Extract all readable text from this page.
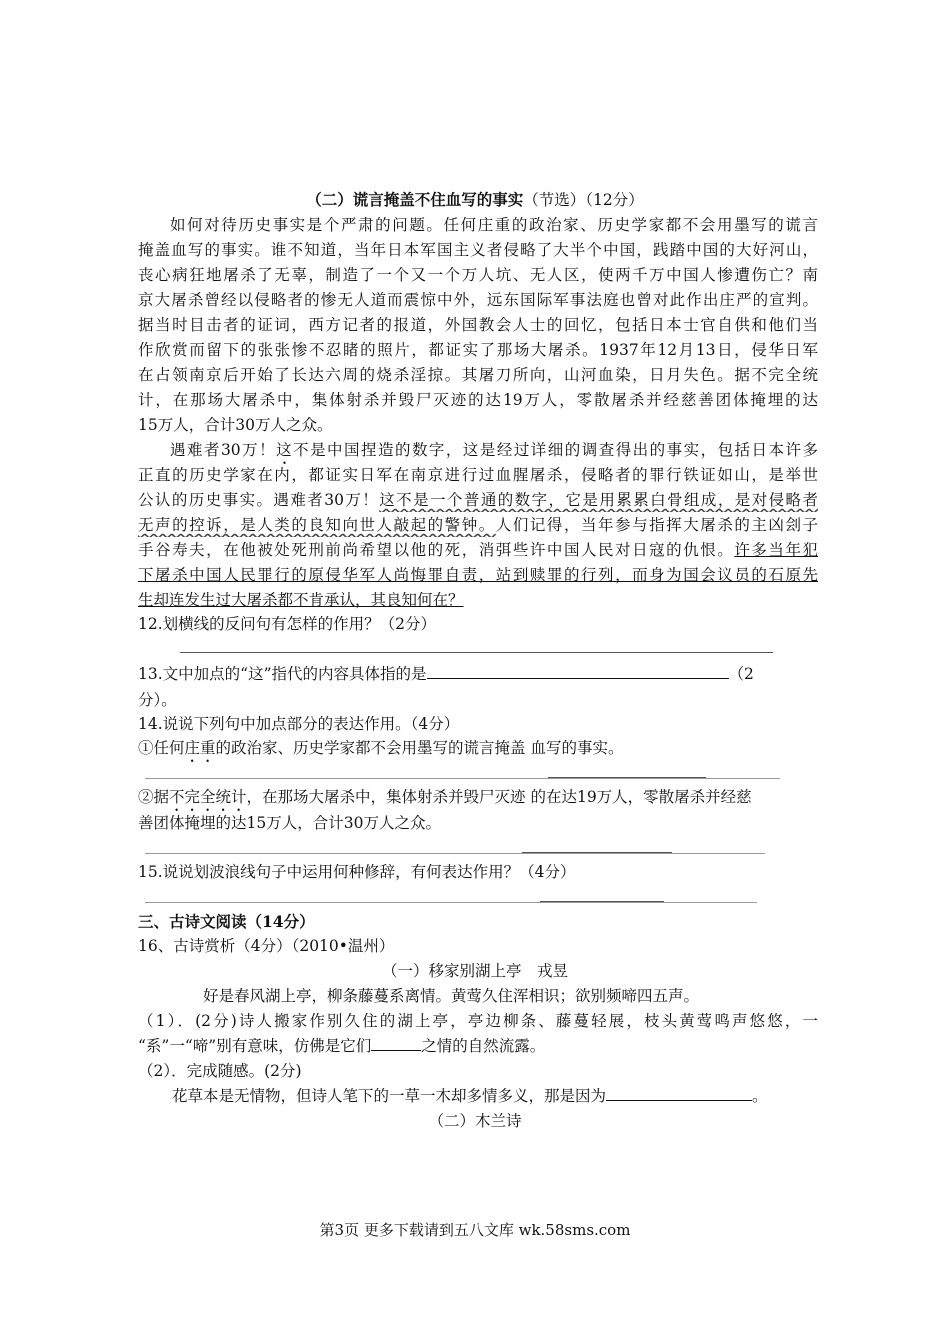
（二）谎言掩盖不住血写的事实（节选）（12分）
如何对待历史事实是个严肃的问题。任何庄重的政治家、历史学家都不会用墨写的谎言
掩盖血写的事实。谁不知道，当年日本军国主义者侵略了大半个中国，践踏中国的大好河山，
丧心病狂地屠杀了无辜，制造了一个又一个万人坑、无人区，使两千万中国人惨遭伤亡？南
京大屠杀曾经以侵略者的惨无人道而震惊中外，远东国际军事法庭也曾对此作出庄严的宣判。
据当时目击者的证词，西方记者的报道，外国教会人士的回忆，包括日本士官自供和他们当
作欣赏而留下的张张惨不忍睹的照片，都证实了那场大屠杀。1937年12月13日，侵华日军
在占领南京后开始了长达六周的烧杀淫掠。其屠刀所向，山河血染，日月失色。据不完全统
计，在那场大屠杀中，集体射杀并毁尸灭迹的达19万人，零散屠杀并经慈善团体掩埋的达
15万人，合计30万人之众。
遇难者30万！这不是中国捏造的数字，这是经过详细的调查得出的事实，包括日本许多
正直的历史学家在内，都证实日军在南京进行过血腥屠杀，侵略者的罪行铁证如山，是举世
公认的历史事实。遇难者30万！这不是一个普通的数字，它是用累累白骨组成，是对侵略者
无声的控诉，是人类的良知向世人敲起的警钟。人们记得，当年参与指挥大屠杀的主凶刽子
手谷寿夫，在他被处死刑前尚希望以他的死，消弭些许中国人民对日寇的仇恨。许多当年犯
下屠杀中国人民罪行的原侵华军人尚悔罪自责，站到赎罪的行列，而身为国会议员的石原先
生却连发生过大屠杀都不肯承认，其良知何在？
12.划横线的反问句有怎样的作用？（2分）
13.文中加点的“这”指代的内容具体指的是	（2
分）。
14.说说下列句中加点部分的表达作用。（4分）
①任何庄重的政治家、历史学家都不会用墨写的谎言掩盖 血写的事实。
②据不完全统计，在那场大屠杀中，集体射杀并毁尸灭迹 的在达19万人，零散屠杀并经慈
善团体掩埋的达15万人，合计30万人之众。
15.说说划波浪线句子中运用何种修辞，有何表达作用？（4分）
三、古诗文阅读（14分）
16、古诗赏析（4分）（2010•温州）
（一）移家别湖上亭　戎昱
好是春风湖上亭，柳条藤蔓系离情。黄莺久住浑相识；欲别频啼四五声。
（1）．(2分)诗人搬家作别久住的湖上亭，亭边柳条、藤蔓轻展，枝头黄莺鸣声悠悠，一
“系”一“啼”别有意味，仿佛是它们	之情的自然流露。
（2）．完成随感。(2分)
花草本是无情物，但诗人笔下的一草一木却多情多义，那是因为	。
（二）木兰诗
第3页 更多下载请到五八文库 wk.58sms.com
